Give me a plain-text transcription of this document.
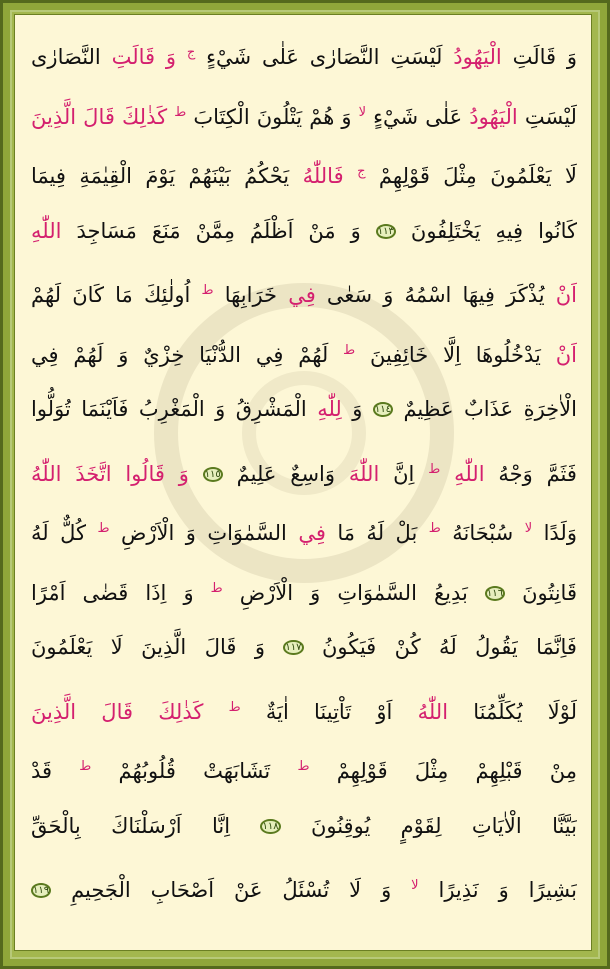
وَ قَالَتِ الْيَهُودُ لَيْسَتِ النَّصَارٰى عَلٰى شَيْءٍ $^ج$ وَ قَالَتِ النَّصَارٰى
لَيْسَتِ الْيَهُودُ عَلٰى شَيْءٍ $^{لا}$ وَ هُمْ يَتْلُونَ الْكِتَابَ $^ط$ كَذٰلِكَ قَالَ الَّذِينَ
لَا يَعْلَمُونَ مِثْلَ قَوْلِهِمْ $^ج$ فَاللّٰهُ يَحْكُمُ بَيْنَهُمْ يَوْمَ الْقِيٰمَةِ فِيمَا
كَانُوا فِيهِ يَخْتَلِفُونَ ١١٣ وَ مَنْ اَظْلَمُ مِمَّنْ مَنَعَ مَسَاجِدَ اللّٰهِ
اَنْ يُذْكَرَ فِيهَا اسْمُهُ وَ سَعٰى فِي خَرَابِهَا $^ط$ اُولٰئِكَ مَا كَانَ لَهُمْ
اَنْ يَدْخُلُوهَا اِلَّا خَائِفِينَ $^ط$ لَهُمْ فِي الدُّنْيَا خِزْيٌ وَ لَهُمْ فِي
الْاٰخِرَةِ عَذَابٌ عَظِيمٌ ١١٤ وَ لِلّٰهِ الْمَشْرِقُ وَ الْمَغْرِبُ فَاَيْنَمَا تُوَلُّوا
فَثَمَّ وَجْهُ اللّٰهِ $^ط$ اِنَّ اللّٰهَ وَاسِعٌ عَلِيمٌ ١١٥ وَ قَالُوا اتَّخَذَ اللّٰهُ
وَلَدًا $^{لا}$ سُبْحَانَهُ $^ط$ بَلْ لَهُ مَا فِي السَّمٰوَاتِ وَ الْاَرْضِ $^ط$ كُلٌّ لَهُ
قَانِتُونَ ١١٦ بَدِيعُ السَّمٰوَاتِ وَ الْاَرْضِ $^ط$ وَ اِذَا قَضٰى اَمْرًا
فَاِنَّمَا يَقُولُ لَهُ كُنْ فَيَكُونُ ١١٧ وَ قَالَ الَّذِينَ لَا يَعْلَمُونَ
لَوْلَا يُكَلِّمُنَا اللّٰهُ اَوْ تَاْتِينَا اٰيَةٌ $^ط$ كَذٰلِكَ قَالَ الَّذِينَ
مِنْ قَبْلِهِمْ مِثْلَ قَوْلِهِمْ $^ط$ تَشَابَهَتْ قُلُوبُهُمْ $^ط$ قَدْ
بَيَّنَّا الْاٰيَاتِ لِقَوْمٍ يُوقِنُونَ ١١٨ اِنَّا اَرْسَلْنَاكَ بِالْحَقِّ
بَشِيرًا وَ نَذِيرًا $^{لا}$ وَ لَا تُسْئَلُ عَنْ اَصْحَابِ الْجَحِيمِ ١١٩
